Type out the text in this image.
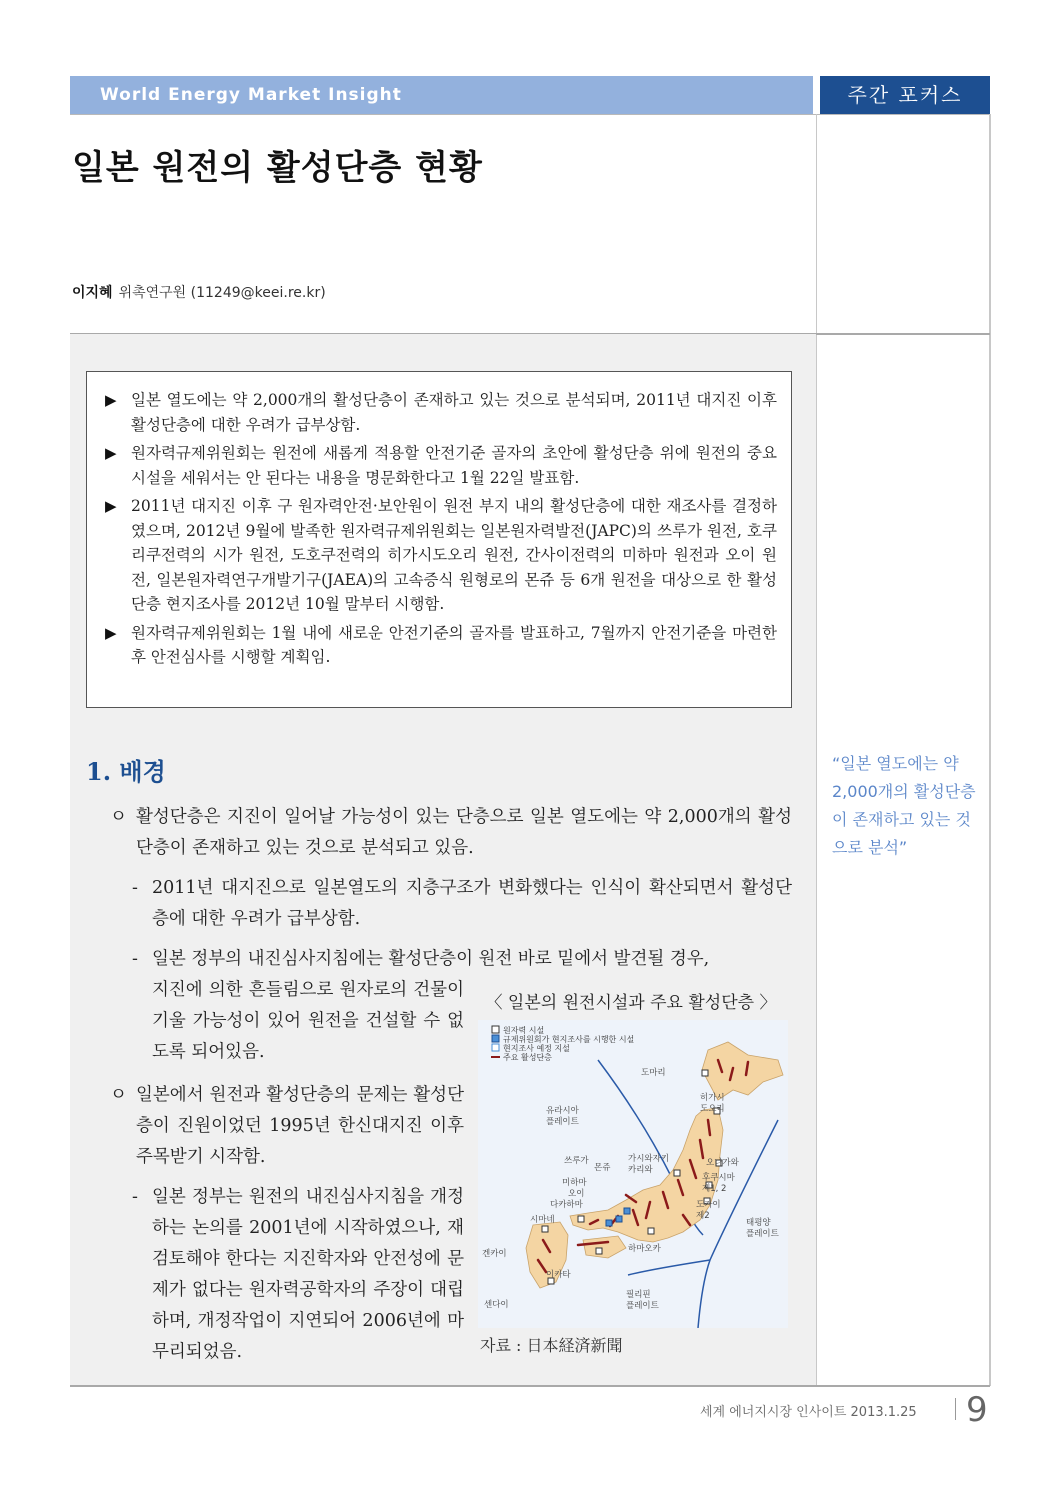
World Energy Market Insight	주간 포커스
일본 원전의 활성단층 현황
이지혜 위촉연구원 (11249@keei.re.kr)
▶ 일본 열도에는 약 2,000개의 활성단층이 존재하고 있는 것으로 분석되며, 2011년 대지진 이후 활성단층에 대한 우려가 급부상함.
▶ 원자력규제위원회는 원전에 새롭게 적용할 안전기준 골자의 초안에 활성단층 위에 원전의 중요시설을 세워서는 안 된다는 내용을 명문화한다고 1월 22일 발표함.
▶ 2011년 대지진 이후 구 원자력안전·보안원이 원전 부지 내의 활성단층에 대한 재조사를 결정하였으며, 2012년 9월에 발족한 원자력규제위원회는 일본원자력발전(JAPC)의 쓰루가 원전, 호쿠리쿠전력의 시가 원전, 도호쿠전력의 히가시도오리 원전, 간사이전력의 미하마 원전과 오이 원전, 일본원자력연구개발기구(JAEA)의 고속증식 원형로의 몬쥬 등 6개 원전을 대상으로 한 활성단층 현지조사를 2012년 10월 말부터 시행함.
▶ 원자력규제위원회는 1월 내에 새로운 안전기준의 골자를 발표하고, 7월까지 안전기준을 마련한 후 안전심사를 시행할 계획임.
1. 배경
ㅇ 활성단층은 지진이 일어날 가능성이 있는 단층으로 일본 열도에는 약 2,000개의 활성단층이 존재하고 있는 것으로 분석되고 있음.
- 2011년 대지진으로 일본열도의 지층구조가 변화했다는 인식이 확산되면서 활성단층에 대한 우려가 급부상함.
- 일본 정부의 내진심사지침에는 활성단층이 원전 바로 밑에서 발견될 경우,
지진에 의한 흔들림으로 원자로의 건물이 기울 가능성이 있어 원전을 건설할 수 없도록 되어있음.
ㅇ 일본에서 원전과 활성단층의 문제는 활성단층이 진원이었던 1995년 한신대지진 이후 주목받기 시작함.
- 일본 정부는 원전의 내진심사지침을 개정하는 논의를 2001년에 시작하였으나, 재검토해야 한다는 지진학자와 안전성에 문제가 없다는 원자력공학자의 주장이 대립하며, 개정작업이 지연되어 2006년에 마무리되었음.
〈 일본의 원전시설과 주요 활성단층 〉
원자력 시설
규제위원회가 현지조사를 시행한 시설
현지조사 예정 지설
주요 활성단층
도마리
히가시
도오리
유라시아
플레이트
오나가와
후쿠시마
제1, 2
도카이
제2
태평양
플레이트
가시와자키
카리와
쓰루가
몬쥬
미하마
오이
다카하마
시마네
겐카이
이카타
센다이
하마오카
필리핀
플레이트
자료 : 日本経済新聞
“일본 열도에는 약 2,000개의 활성단층이 존재하고 있는 것으로 분석”
세계 에너지시장 인사이트 2013.1.25 9
